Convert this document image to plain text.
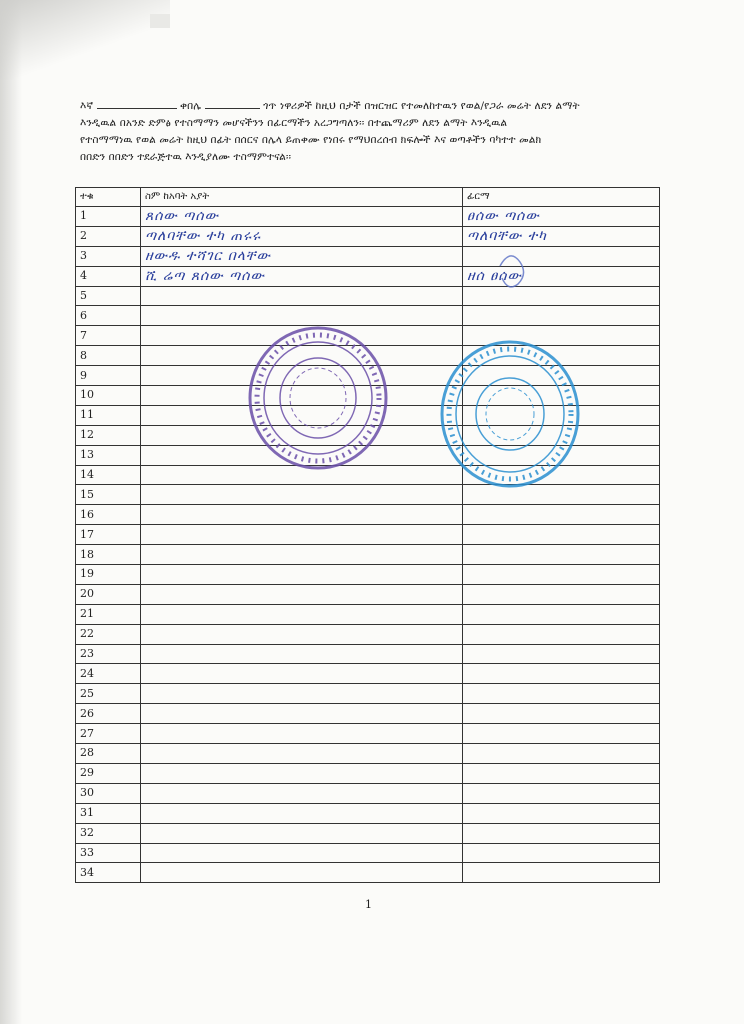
እኛ	ቀበሌ	ጎጥ ነዋሪዎች ከዚህ በታች በዝርዝር የተመለከተዉን የወል/የጋራ መሬት ለደን ልማት
እንዲዉል በአንድ ድምፅ የተስማማን መሆናችንን በፊርማችን አረጋግጣለን፡፡ በተጨማሪም ለደን ልማት እንዲዉል
የተስማማነዉ የወል መሬት ከዚህ በፊት በሰርና በሌላ ይጠቀሙ የነበሩ የማህበረሰብ ክፍሎች እና ወጣቶችን ባካተተ መልክ
በበድን በበድን ተደራጅተዉ እንዲያለሙ ተስማምተናል፡፡
ተቁ	ስም ከአባት አያት	ፊርማ
1	ጸሰው ጣሰው	ፀሰው ጣሰው
2	ጣለባቸው ተካ ጠሩሩ	ጣለባቸው ተካ
3	ዘውዱ ተሻገር በላቸው	
4	ሺ ሬጣ ጸሰው ጣሰው	ዘሰ ፀሰው
5		
6		
7		
8		
9		
10		
11		
12		
13		
14		
15		
16		
17		
18		
19		
20		
21		
22		
23		
24		
25		
26		
27		
28		
29		
30		
31		
32		
33		
34		
1
